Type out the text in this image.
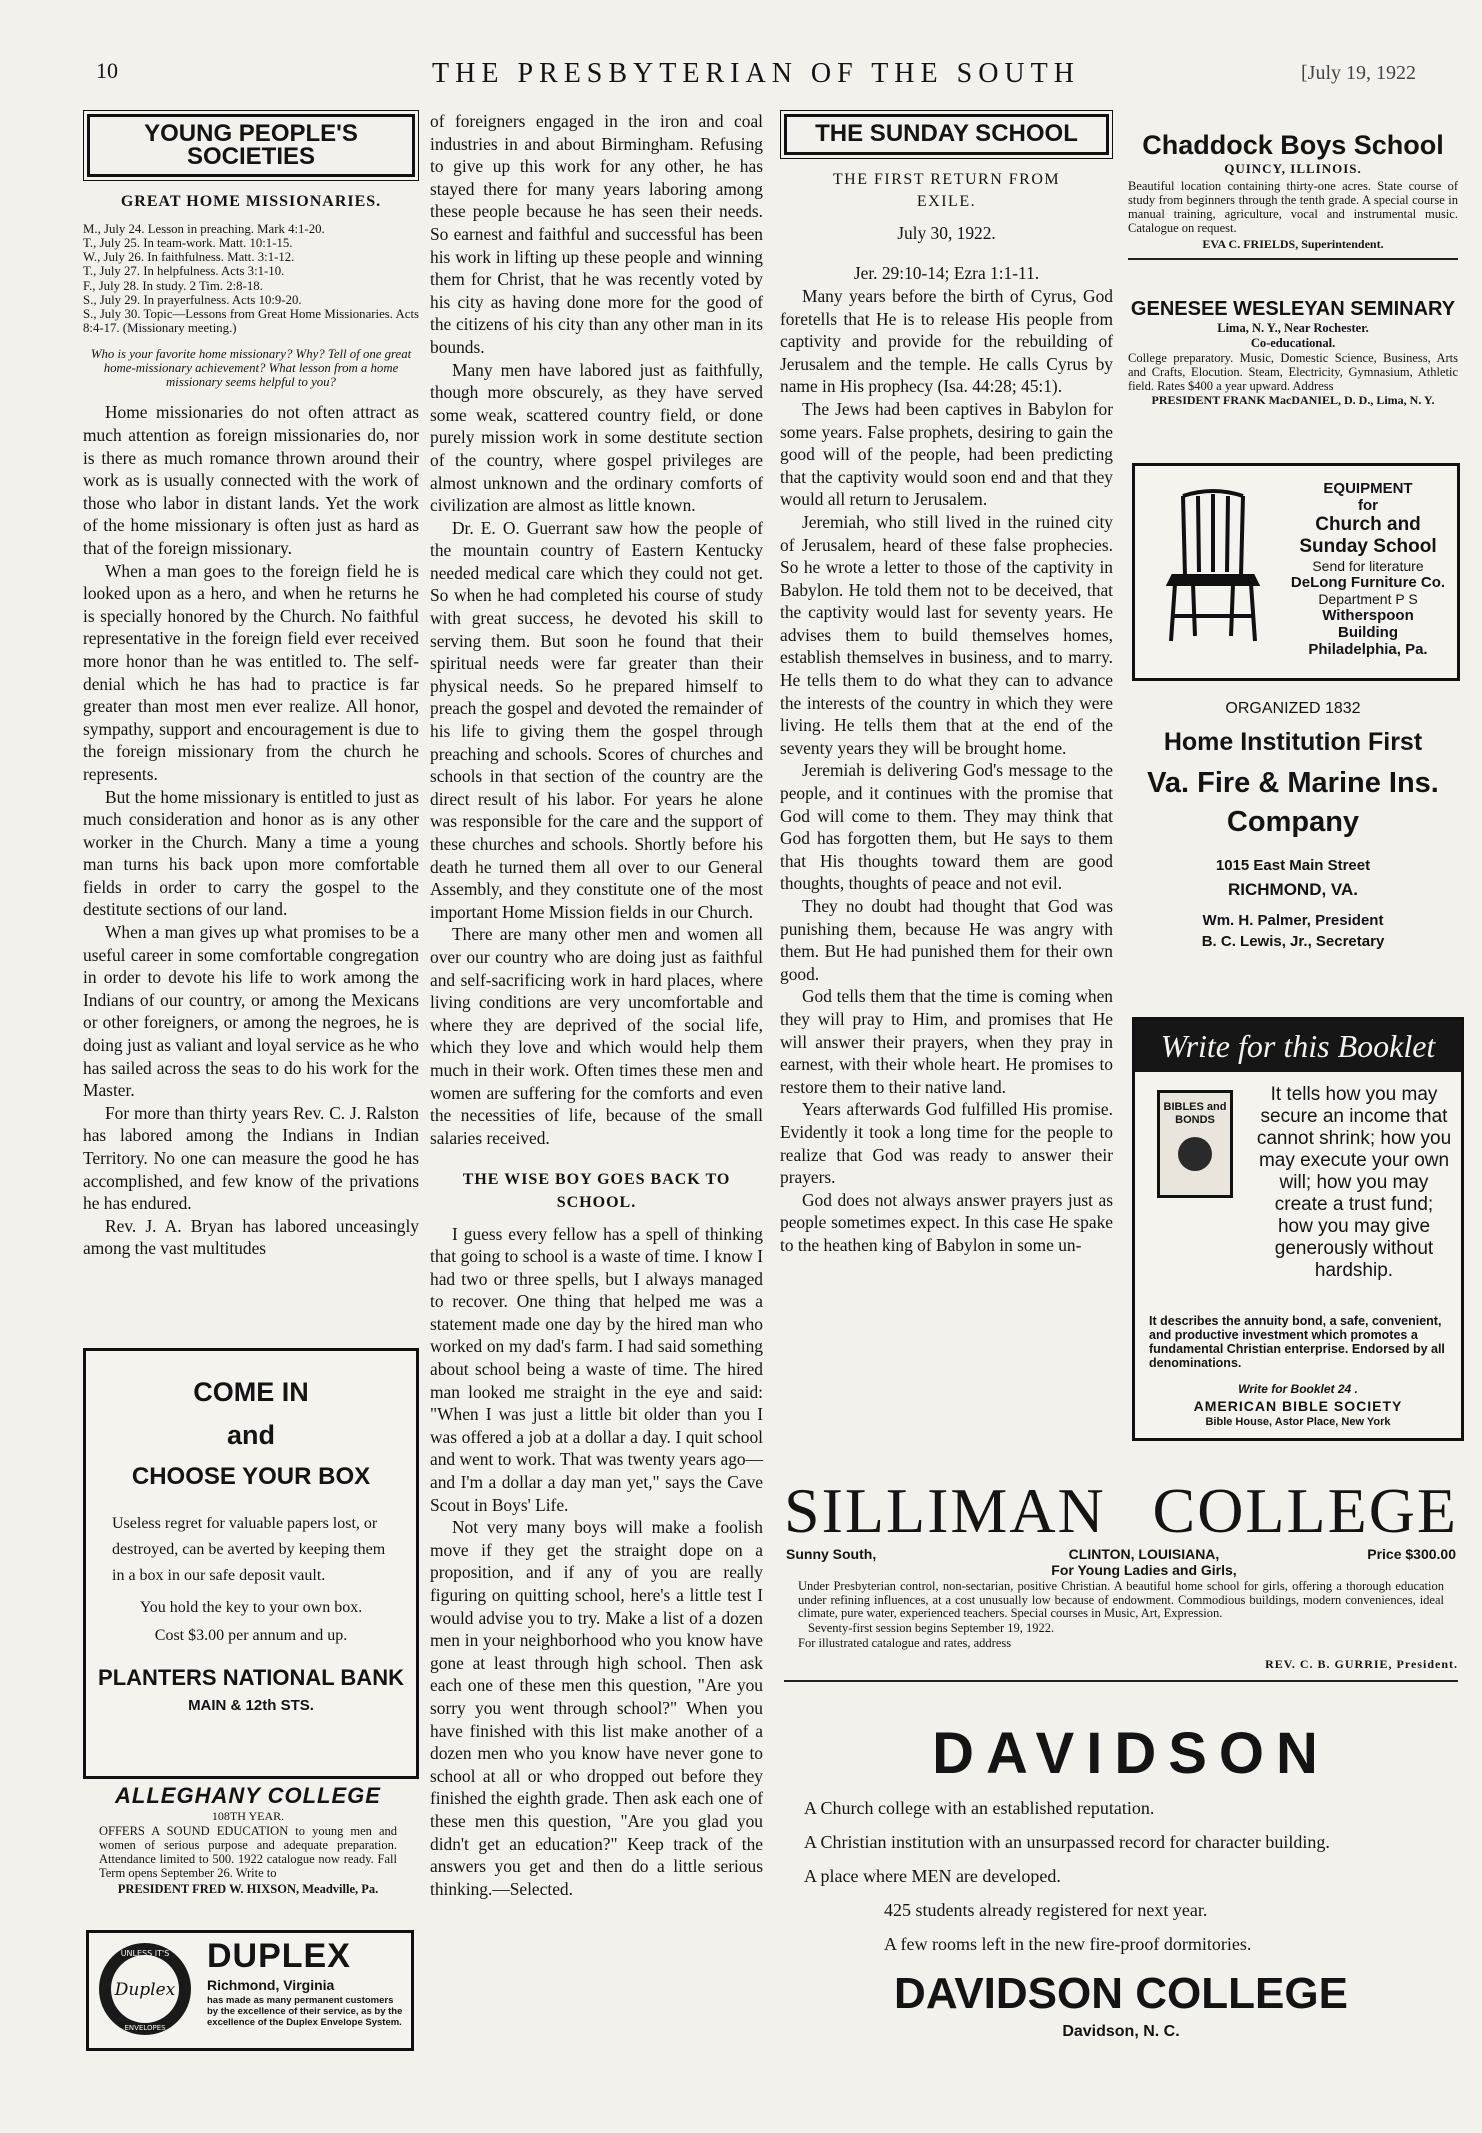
10	THE PRESBYTERIAN OF THE SOUTH	[July 19, 1922
YOUNG PEOPLE'S SOCIETIES
GREAT HOME MISSIONARIES.
M., July 24. Lesson in preaching. Mark 4:1-20.
T., July 25. In team-work. Matt. 10:1-15.
W., July 26. In faithfulness. Matt. 3:1-12.
T., July 27. In helpfulness. Acts 3:1-10.
F., July 28. In study. 2 Tim. 2:8-18.
S., July 29. In prayerfulness. Acts 10:9-20.
S., July 30. Topic—Lessons from Great Home Missionaries. Acts 8:4-17. (Missionary meeting.)
Who is your favorite home missionary? Why? Tell of one great home-missionary achievement? What lesson from a home missionary seems helpful to you?

Home missionaries do not often attract as much attention as foreign missionaries do, nor is there as much romance thrown around their work as is usually connected with the work of those who labor in distant lands. Yet the work of the home missionary is often just as hard as that of the foreign missionary.

When a man goes to the foreign field he is looked upon as a hero, and when he returns he is specially honored by the Church. No faithful representative in the foreign field ever received more honor than he was entitled to. The self-denial which he has had to practice is far greater than most men ever realize. All honor, sympathy, support and encouragement is due to the foreign missionary from the church he represents.

But the home missionary is entitled to just as much consideration and honor as is any other worker in the Church. Many a time a young man turns his back upon more comfortable fields in order to carry the gospel to the destitute sections of our land.

When a man gives up what promises to be a useful career in some comfortable congregation in order to devote his life to work among the Indians of our country, or among the Mexicans or other foreigners, or among the negroes, he is doing just as valiant and loyal service as he who has sailed across the seas to do his work for the Master.

For more than thirty years Rev. C. J. Ralston has labored among the Indians in Indian Territory. No one can measure the good he has accomplished, and few know of the privations he has endured.

Rev. J. A. Bryan has labored unceasingly among the vast multitudes

COME IN
and
CHOOSE YOUR BOX
Useless regret for valuable papers lost, or destroyed, can be averted by keeping them in a box in our safe deposit vault.
You hold the key to your own box.
Cost $3.00 per annum and up.
PLANTERS NATIONAL BANK
MAIN & 12th STS.
ALLEGHANY COLLEGE
108TH YEAR.
OFFERS A SOUND EDUCATION to young men and women of serious purpose and adequate preparation. Attendance limited to 500. 1922 catalogue now ready. Fall Term opens September 26. Write to
PRESIDENT FRED W. HIXSON, Meadville, Pa.
Duplex
UNLESS IT'S
ENVELOPES
DUPLEX
Richmond, Virginia
has made as many permanent customers by the excellence of their service, as by the excellence of the Duplex Envelope System.

of foreigners engaged in the iron and coal industries in and about Birmingham. Refusing to give up this work for any other, he has stayed there for many years laboring among these people because he has seen their needs. So earnest and faithful and successful has been his work in lifting up these people and winning them for Christ, that he was recently voted by his city as having done more for the good of the citizens of his city than any other man in its bounds.

Many men have labored just as faithfully, though more obscurely, as they have served some weak, scattered country field, or done purely mission work in some destitute section of the country, where gospel privileges are almost unknown and the ordinary comforts of civilization are almost as little known.

Dr. E. O. Guerrant saw how the people of the mountain country of Eastern Kentucky needed medical care which they could not get. So when he had completed his course of study with great success, he devoted his skill to serving them. But soon he found that their spiritual needs were far greater than their physical needs. So he prepared himself to preach the gospel and devoted the remainder of his life to giving them the gospel through preaching and schools. Scores of churches and schools in that section of the country are the direct result of his labor. For years he alone was responsible for the care and the support of these churches and schools. Shortly before his death he turned them all over to our General Assembly, and they constitute one of the most important Home Mission fields in our Church.

There are many other men and women all over our country who are doing just as faithful and self-sacrificing work in hard places, where living conditions are very uncomfortable and where they are deprived of the social life, which they love and which would help them much in their work. Often times these men and women are suffering for the comforts and even the necessities of life, because of the small salaries received.

THE WISE BOY GOES BACK TO SCHOOL.

I guess every fellow has a spell of thinking that going to school is a waste of time. I know I had two or three spells, but I always managed to recover. One thing that helped me was a statement made one day by the hired man who worked on my dad's farm. I had said something about school being a waste of time. The hired man looked me straight in the eye and said: "When I was just a little bit older than you I was offered a job at a dollar a day. I quit school and went to work. That was twenty years ago—and I'm a dollar a day man yet," says the Cave Scout in Boys' Life.

Not very many boys will make a foolish move if they get the straight dope on a proposition, and if any of you are really figuring on quitting school, here's a little test I would advise you to try. Make a list of a dozen men in your neighborhood who you know have gone at least through high school. Then ask each one of these men this question, "Are you sorry you went through school?" When you have finished with this list make another of a dozen men who you know have never gone to school at all or who dropped out before they finished the eighth grade. Then ask each one of these men this question, "Are you glad you didn't get an education?" Keep track of the answers you get and then do a little serious thinking.—Selected.

THE SUNDAY SCHOOL
THE FIRST RETURN FROM EXILE.
July 30, 1922.
Jer. 29:10-14; Ezra 1:1-11.

Many years before the birth of Cyrus, God foretells that He is to release His people from captivity and provide for the rebuilding of Jerusalem and the temple. He calls Cyrus by name in His prophecy (Isa. 44:28; 45:1).

The Jews had been captives in Babylon for some years. False prophets, desiring to gain the good will of the people, had been predicting that the captivity would soon end and that they would all return to Jerusalem.

Jeremiah, who still lived in the ruined city of Jerusalem, heard of these false prophecies. So he wrote a letter to those of the captivity in Babylon. He told them not to be deceived, that the captivity would last for seventy years. He advises them to build themselves homes, establish themselves in business, and to marry. He tells them to do what they can to advance the interests of the country in which they were living. He tells them that at the end of the seventy years they will be brought home.

Jeremiah is delivering God's message to the people, and it continues with the promise that God will come to them. They may think that God has forgotten them, but He says to them that His thoughts toward them are good thoughts, thoughts of peace and not evil.

They no doubt had thought that God was punishing them, because He was angry with them. But He had punished them for their own good.

God tells them that the time is coming when they will pray to Him, and promises that He will answer their prayers, when they pray in earnest, with their whole heart. He promises to restore them to their native land.

Years afterwards God fulfilled His promise. Evidently it took a long time for the people to realize that God was ready to answer their prayers.

God does not always answer prayers just as people sometimes expect. In this case He spake to the heathen king of Babylon in some un-

Chaddock Boys School
QUINCY, ILLINOIS.
Beautiful location containing thirty-one acres. State course of study from beginners through the tenth grade. A special course in manual training, agriculture, vocal and instrumental music. Catalogue on request.
EVA C. FRIELDS, Superintendent.
GENESEE WESLEYAN SEMINARY
Lima, N. Y., Near Rochester.
Co-educational.
College preparatory. Music, Domestic Science, Business, Arts and Crafts, Elocution. Steam, Electricity, Gymnasium, Athletic field. Rates $400 a year upward. Address
PRESIDENT FRANK MacDANIEL, D. D., Lima, N. Y.
EQUIPMENT
for
Church and
Sunday School
Send for literature
DeLong Furniture Co.
Department P S
Witherspoon
Building
Philadelphia, Pa.
ORGANIZED 1832
Home Institution First
Va. Fire & Marine Ins.
Company
1015 East Main Street
RICHMOND, VA.
Wm. H. Palmer, President
B. C. Lewis, Jr., Secretary
Write for this Booklet
BIBLES and BONDS
It tells how you may secure an income that cannot shrink; how you may execute your own will; how you may create a trust fund; how you may give generously without hardship.
It describes the annuity bond, a safe, convenient, and productive investment which promotes a fundamental Christian enterprise. Endorsed by all denominations.
Write for Booklet 24 .
AMERICAN BIBLE SOCIETY
Bible House, Astor Place, New York
SILLIMAN COLLEGE
Sunny South,	CLINTON, LOUISIANA,
For Young Ladies and Girls,
Price $300.00
Under Presbyterian control, non-sectarian, positive Christian. A beautiful home school for girls, offering a thorough education under refining influences, at a cost unusually low because of endowment. Commodious buildings, modern conveniences, ideal climate, pure water, experienced teachers. Special courses in Music, Art, Expression.
Seventy-first session begins September 19, 1922.
For illustrated catalogue and rates, address
REV. C. B. GURRIE, President.
DAVIDSON
A Church college with an established reputation.
A Christian institution with an unsurpassed record for character building.
A place where MEN are developed.
425 students already registered for next year.
A few rooms left in the new fire-proof dormitories.
DAVIDSON COLLEGE
Davidson, N. C.
